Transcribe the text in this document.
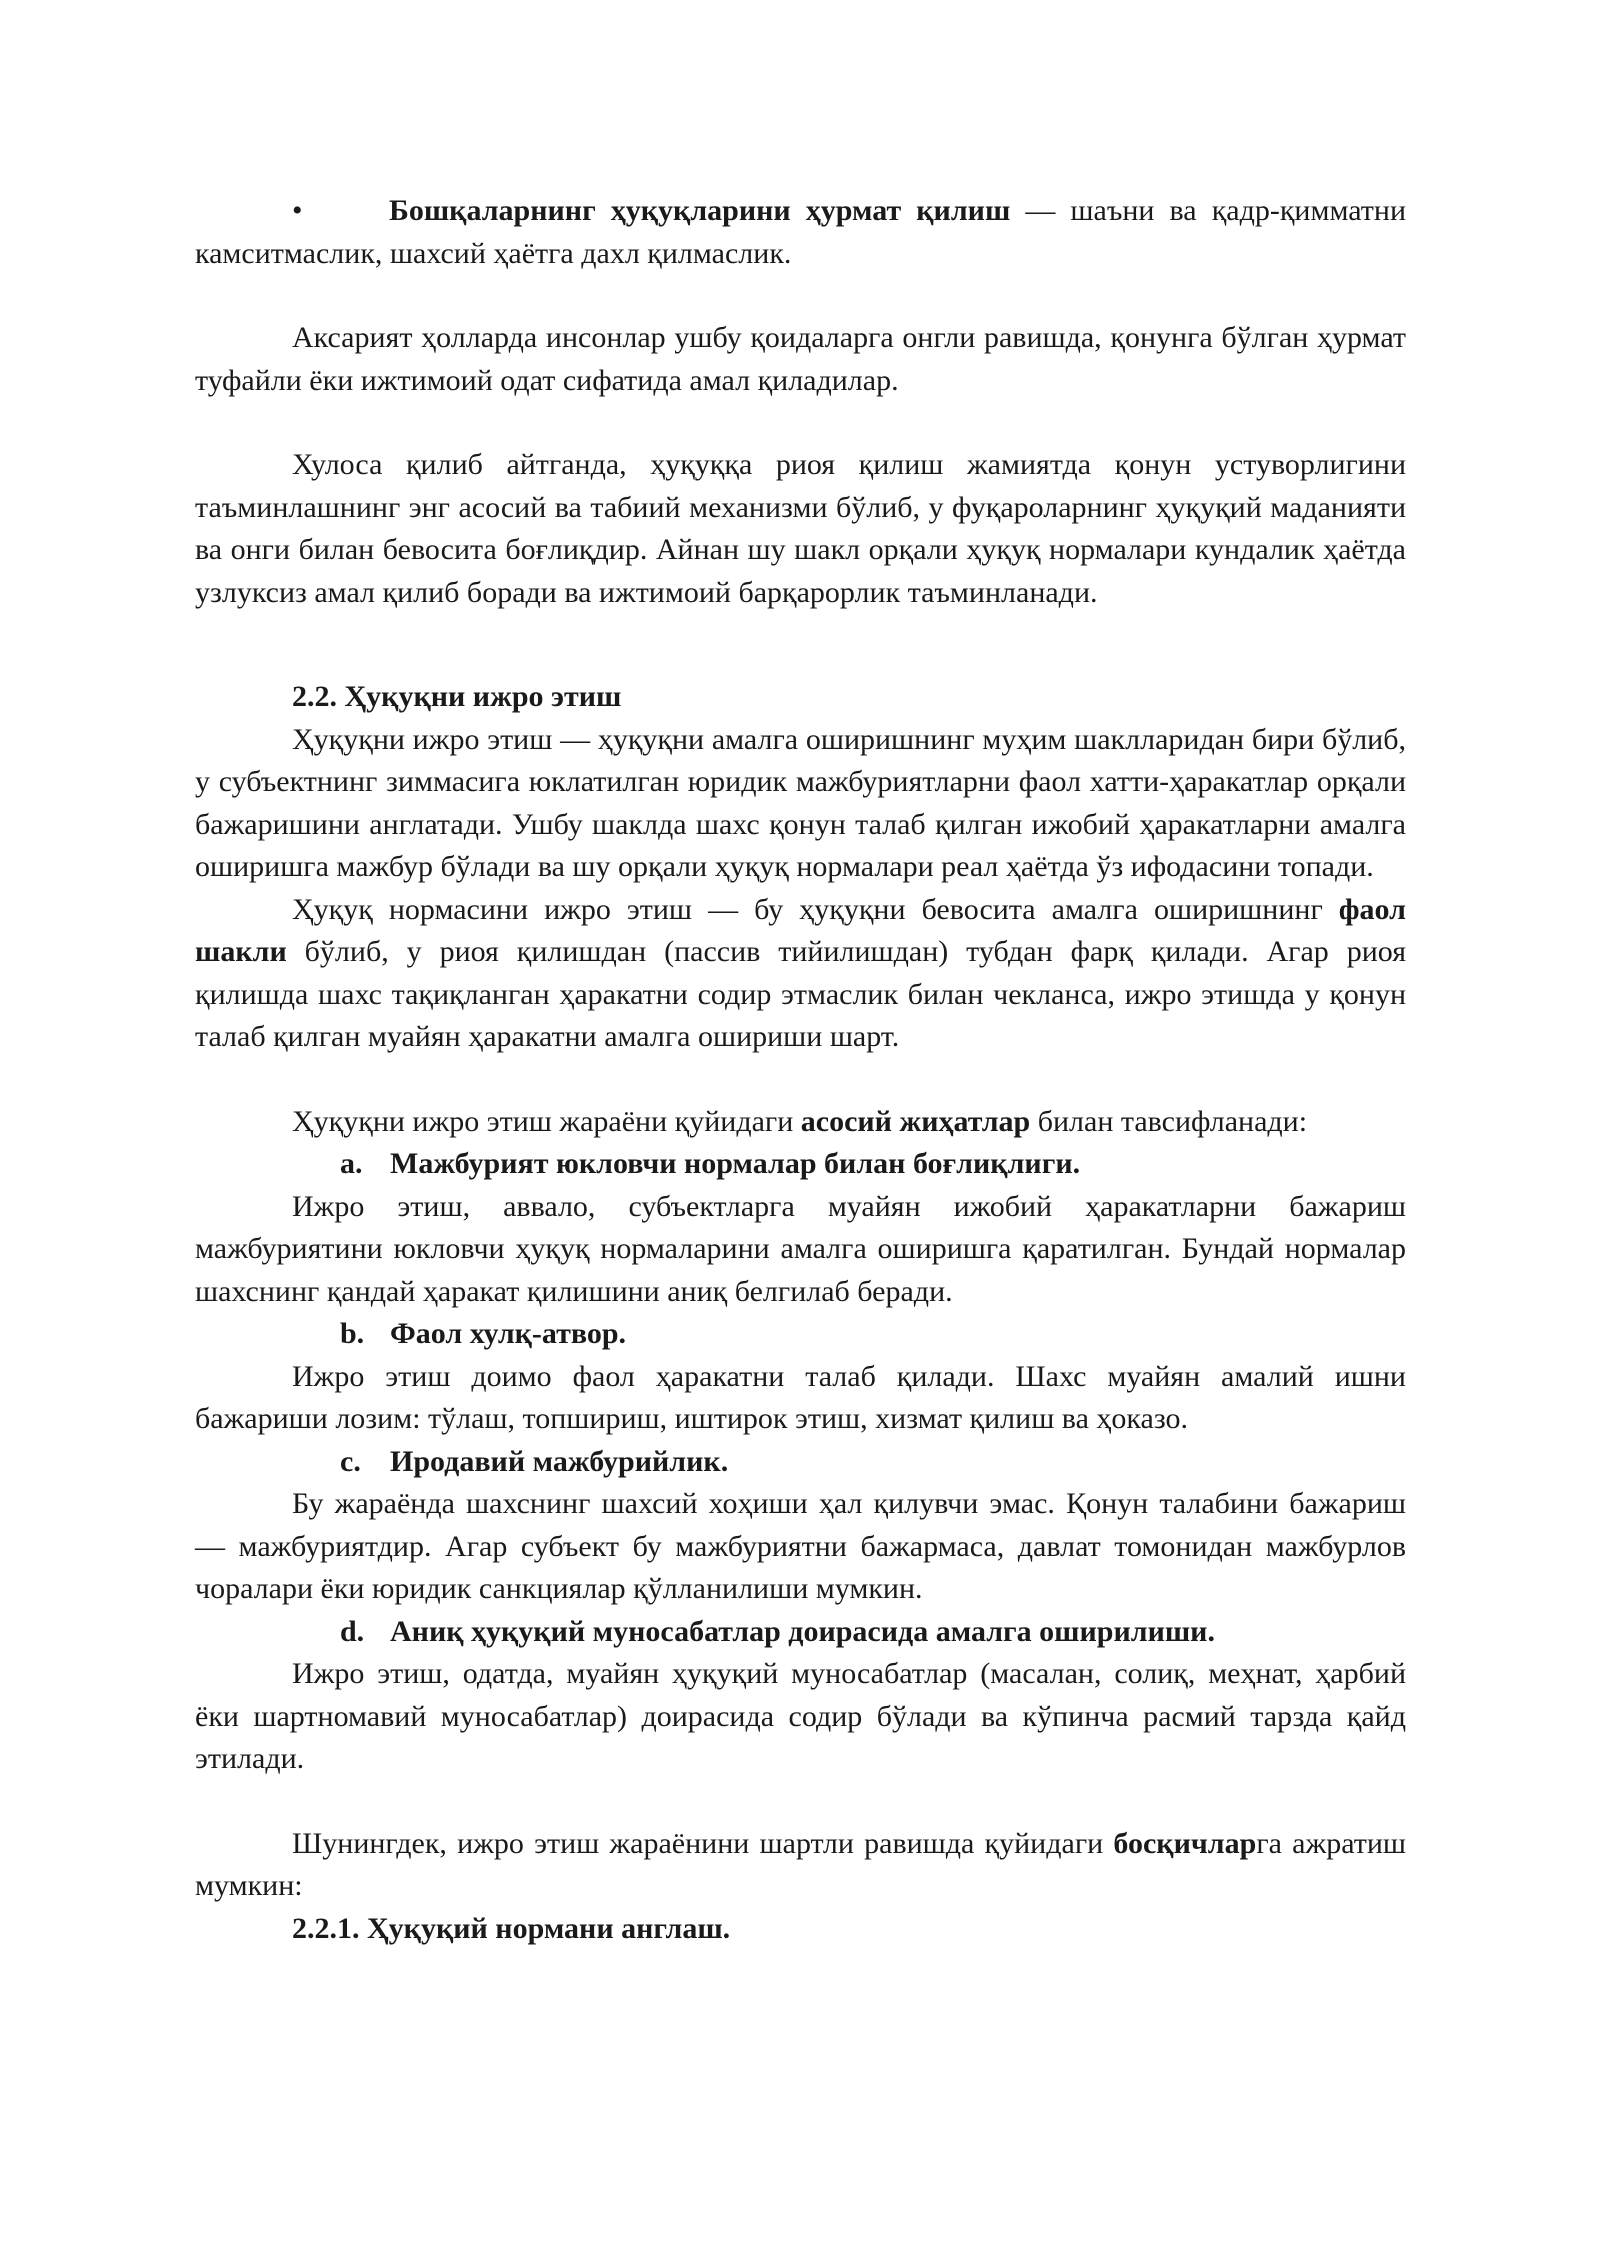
•	Бошқаларнинг ҳуқуқларини ҳурмат қилиш — шаъни ва қадр-қимматни камситмаслик, шахсий ҳаётга дахл қилмаслик.

Аксарият ҳолларда инсонлар ушбу қоидаларга онгли равишда, қонунга бўлган ҳурмат туфайли ёки ижтимоий одат сифатида амал қиладилар.

Хулоса қилиб айтганда, ҳуқуққа риоя қилиш жамиятда қонун устуворлигини таъминлашнинг энг асосий ва табиий механизми бўлиб, у фуқароларнинг ҳуқуқий маданияти ва онги билан бевосита боғлиқдир. Айнан шу шакл орқали ҳуқуқ нормалари кундалик ҳаётда узлуксиз амал қилиб боради ва ижтимоий барқарорлик таъминланади.

2.2. Ҳуқуқни ижро этиш

Ҳуқуқни ижро этиш — ҳуқуқни амалга оширишнинг муҳим шаклларидан бири бўлиб, у субъектнинг зиммасига юклатилган юридик мажбуриятларни фаол хатти-ҳаракатлар орқали бажаришини англатади. Ушбу шаклда шахс қонун талаб қилган ижобий ҳаракатларни амалга оширишга мажбур бўлади ва шу орқали ҳуқуқ нормалари реал ҳаётда ўз ифодасини топади.

Ҳуқуқ нормасини ижро этиш — бу ҳуқуқни бевосита амалга оширишнинг фаол шакли бўлиб, у риоя қилишдан (пассив тийилишдан) тубдан фарқ қилади. Агар риоя қилишда шахс тақиқланган ҳаракатни содир этмаслик билан чекланса, ижро этишда у қонун талаб қилган муайян ҳаракатни амалга ошириши шарт.

Ҳуқуқни ижро этиш жараёни қуйидаги асосий жиҳатлар билан тавсифланади:

a. Мажбурият юкловчи нормалар билан боғлиқлиги.

Ижро этиш, аввало, субъектларга муайян ижобий ҳаракатларни бажариш мажбуриятини юкловчи ҳуқуқ нормаларини амалга оширишга қаратилган. Бундай нормалар шахснинг қандай ҳаракат қилишини аниқ белгилаб беради.

b. Фаол хулқ-атвор.

Ижро этиш доимо фаол ҳаракатни талаб қилади. Шахс муайян амалий ишни бажариши лозим: тўлаш, топшириш, иштирок этиш, хизмат қилиш ва ҳоказо.

c. Иродавий мажбурийлик.

Бу жараёнда шахснинг шахсий хоҳиши ҳал қилувчи эмас. Қонун талабини бажариш — мажбуриятдир. Агар субъект бу мажбуриятни бажармаса, давлат томонидан мажбурлов чоралари ёки юридик санкциялар қўлланилиши мумкин.

d. Аниқ ҳуқуқий муносабатлар доирасида амалга оширилиши.

Ижро этиш, одатда, муайян ҳуқуқий муносабатлар (масалан, солиқ, меҳнат, ҳарбий ёки шартномавий муносабатлар) доирасида содир бўлади ва кўпинча расмий тарзда қайд этилади.

Шунингдек, ижро этиш жараёнини шартли равишда қуйидаги босқичларга ажратиш мумкин:

2.2.1. Ҳуқуқий нормани англаш.
